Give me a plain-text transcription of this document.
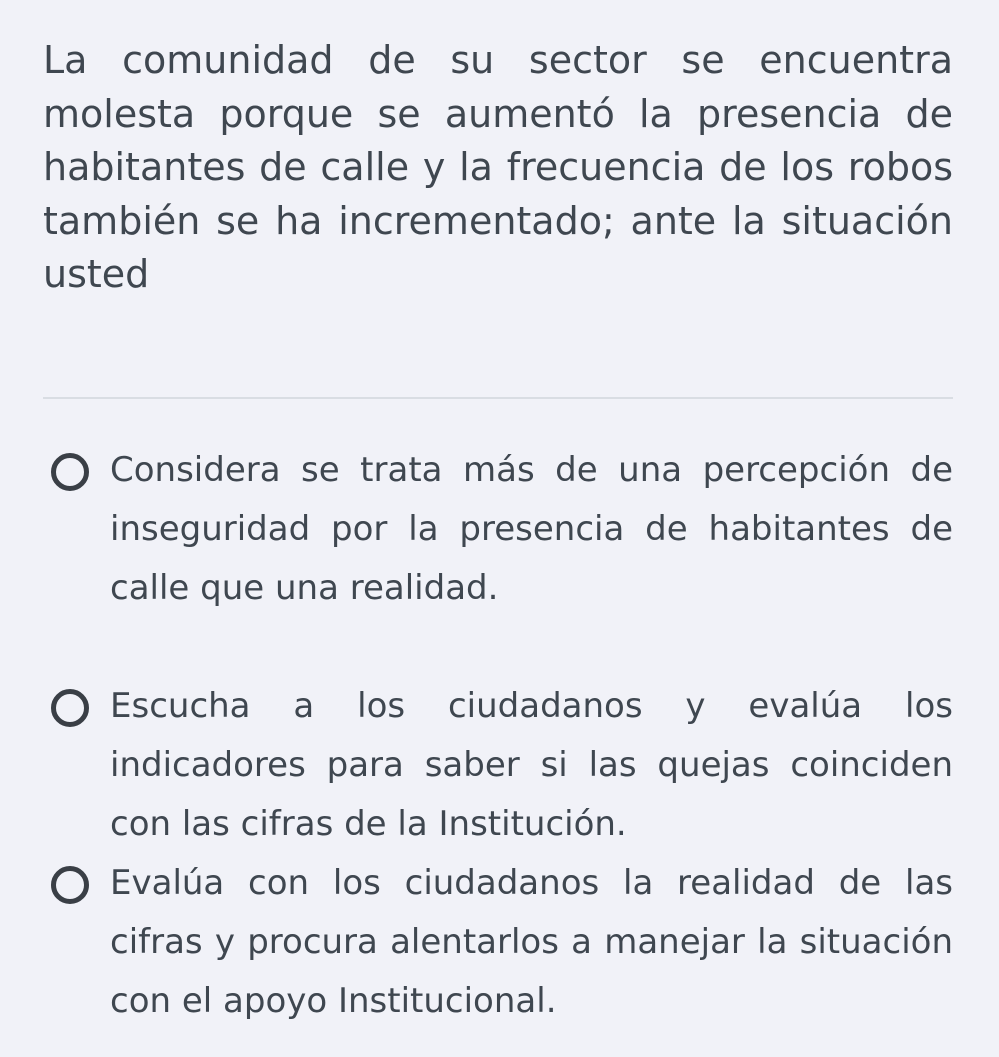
La comunidad de su sector se encuentra molesta porque se aumentó la presencia de habitantes de calle y la frecuencia de los robos también se ha incrementado; ante la situación usted

Considera se trata más de una percepción de inseguridad por la presencia de habitantes de calle que una realidad.
Escucha a los ciudadanos y evalúa los indicadores para saber si las quejas coinciden con las cifras de la Institución.
Evalúa con los ciudadanos la realidad de las cifras y procura alentarlos a manejar la situación con el apoyo Institucional.
